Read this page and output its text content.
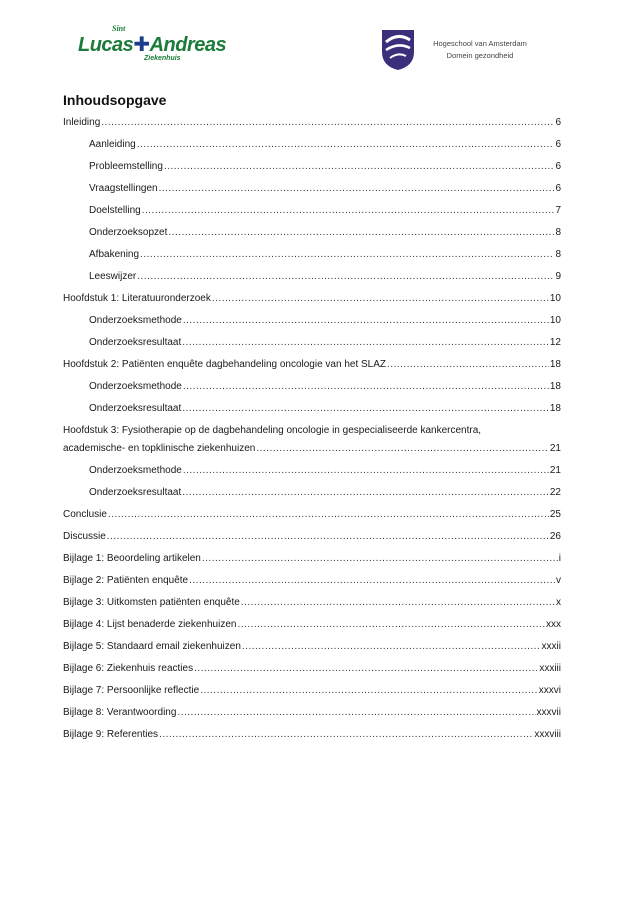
Sint
Lucas✚Andreas
Ziekenhuis
Hogeschool van Amsterdam
Domein gezondheid
Inhoudsopgave
Inleiding .....	6
Aanleiding .....	6
Probleemstelling .....	6
Vraagstellingen .....	6
Doelstelling .....	7
Onderzoeksopzet .....	8
Afbakening .....	8
Leeswijzer .....	9
Hoofdstuk 1: Literatuuronderzoek .....	10
Onderzoeksmethode .....	10
Onderzoeksresultaat .....	12
Hoofdstuk 2: Patiënten enquête dagbehandeling oncologie van het SLAZ .....	18
Onderzoeksmethode .....	18
Onderzoeksresultaat .....	18
Hoofdstuk 3: Fysiotherapie op de dagbehandeling oncologie in gespecialiseerde kankercentra,
academische- en topklinische ziekenhuizen .....	21
Onderzoeksmethode .....	21
Onderzoeksresultaat .....	22
Conclusie .....	25
Discussie .....	26
Bijlage 1: Beoordeling artikelen .....	i
Bijlage 2: Patiënten enquête .....	v
Bijlage 3: Uitkomsten patiënten enquête .....	x
Bijlage 4: Lijst benaderde ziekenhuizen .....	xxx
Bijlage 5: Standaard email ziekenhuizen .....	xxxii
Bijlage 6: Ziekenhuis reacties .....	xxxiii
Bijlage 7: Persoonlijke reflectie .....	xxxvi
Bijlage 8: Verantwoording .....	xxxvii
Bijlage 9: Referenties .....	xxxviii
